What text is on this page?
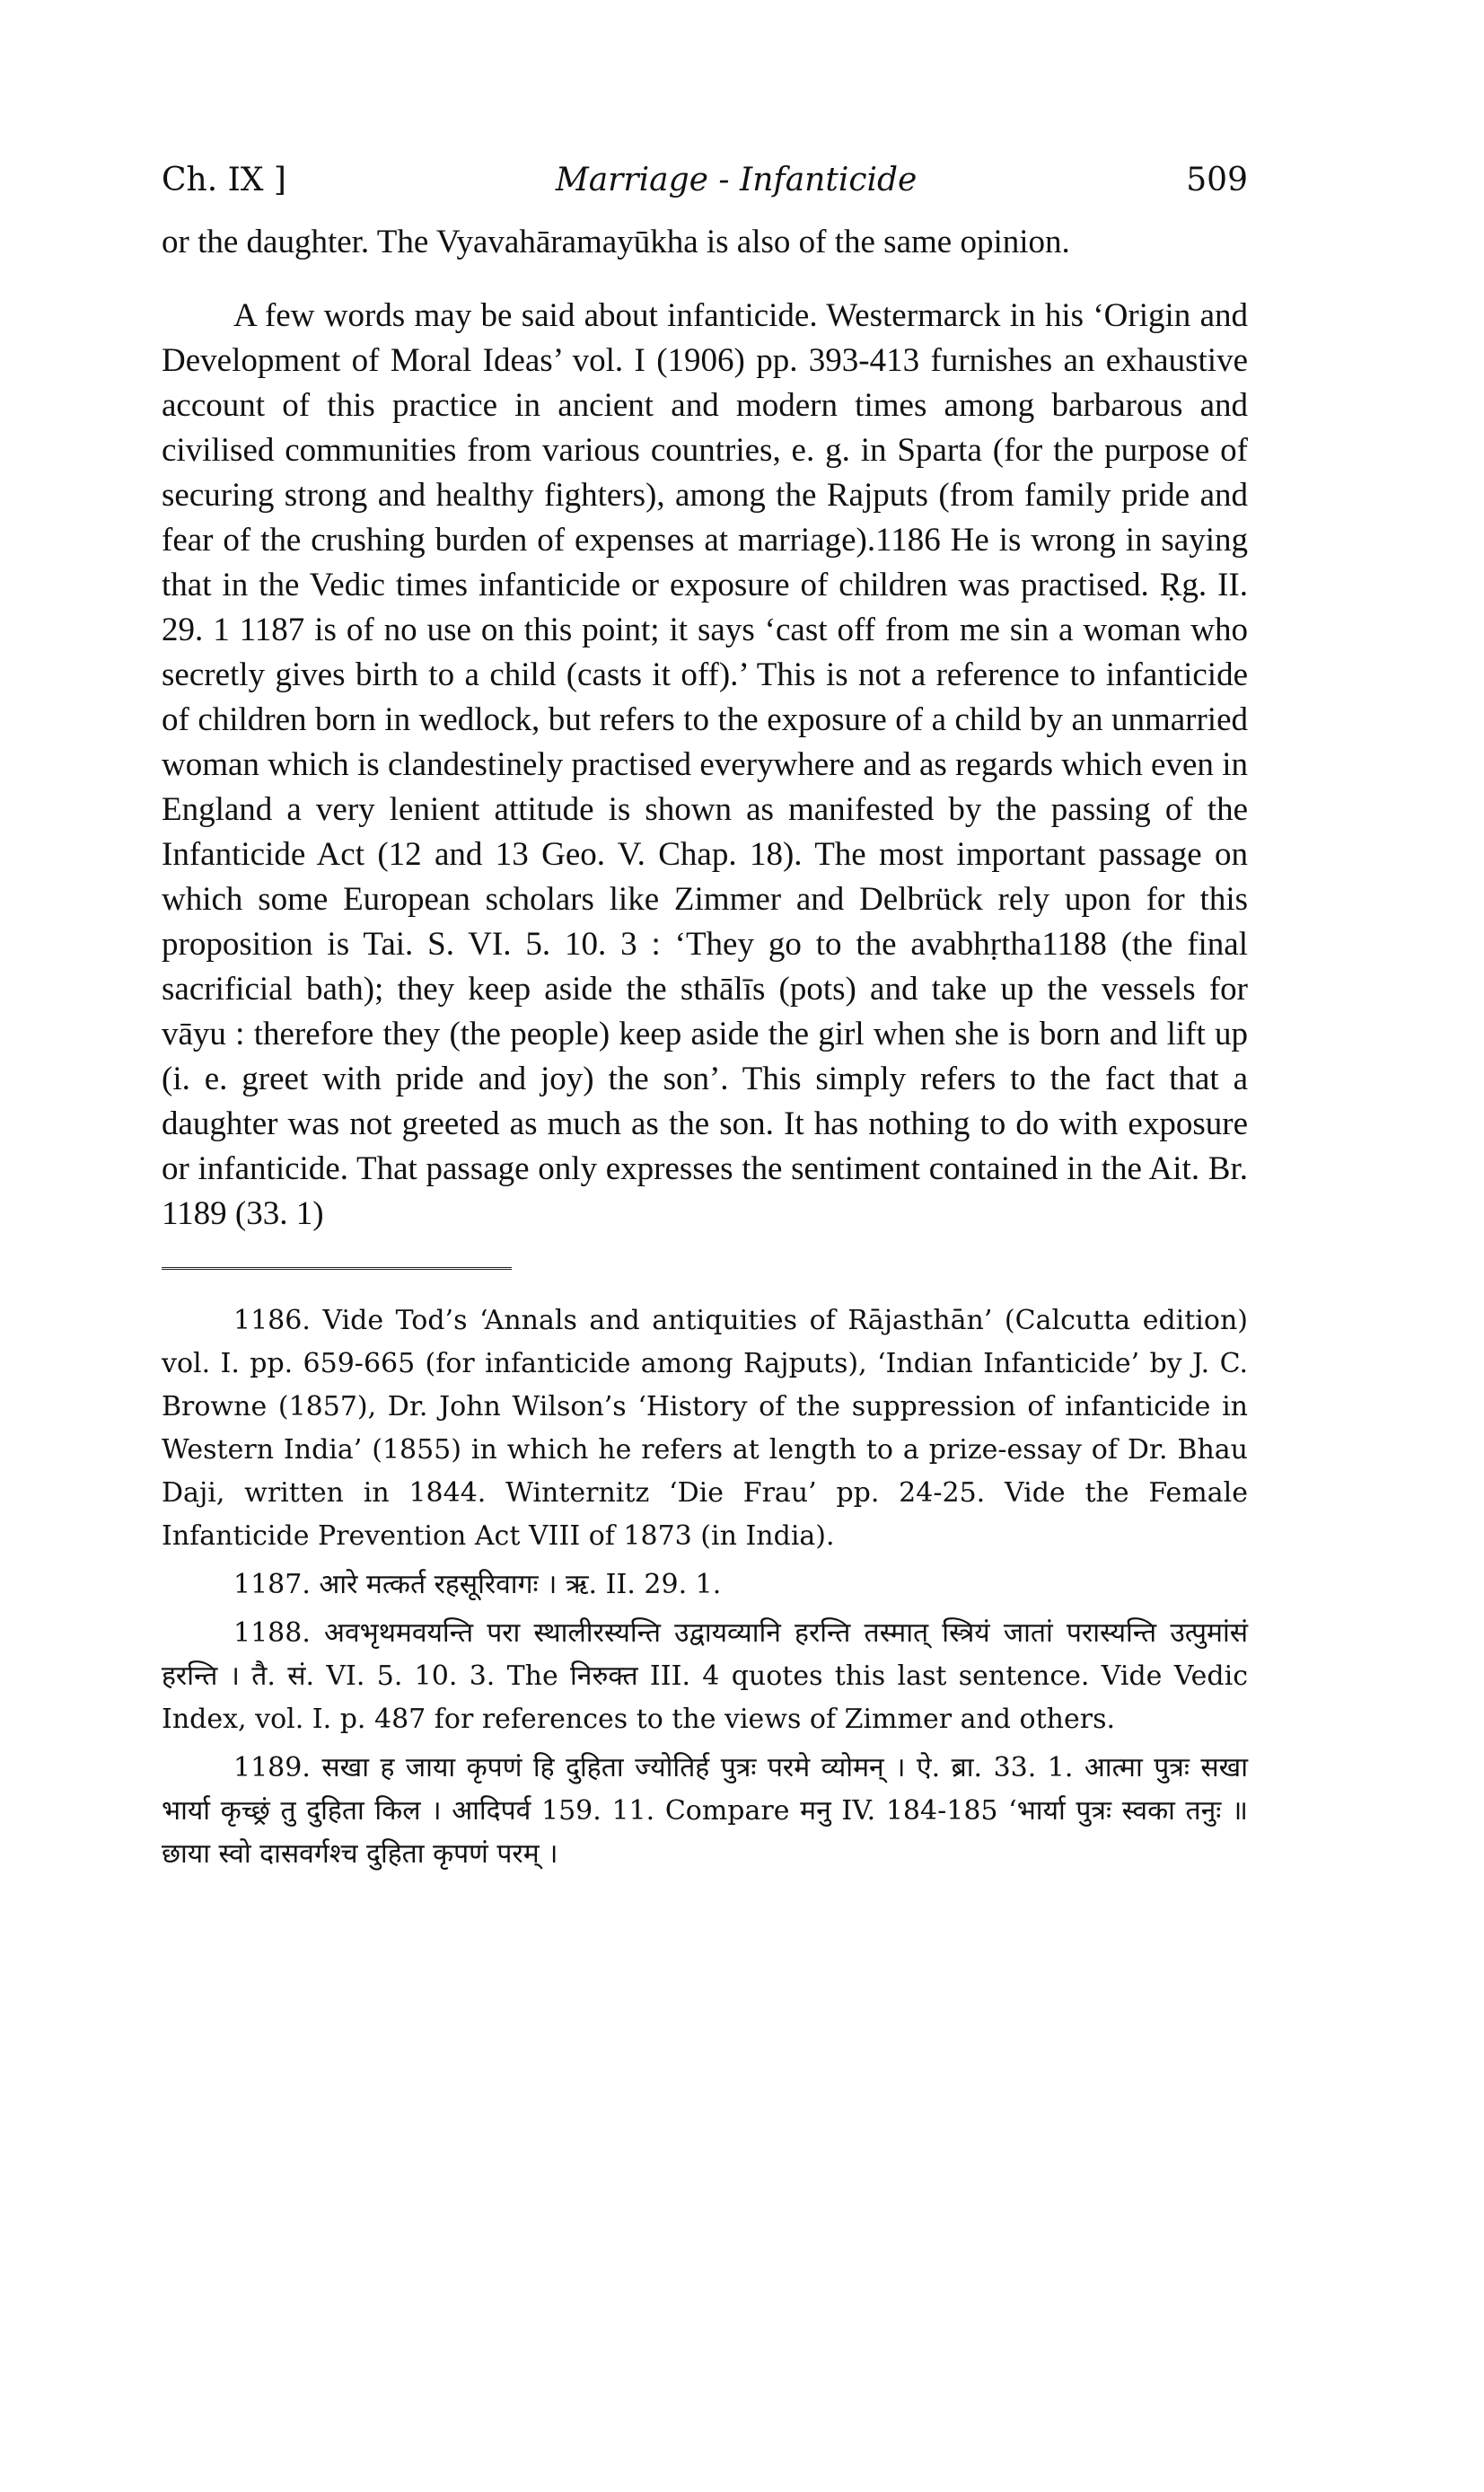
Ch. IX ]	Marriage - Infanticide	509

or the daughter. The Vyavahāramayūkha is also of the same opinion.

A few words may be said about infanticide. Westermarck in his ‘Origin and Development of Moral Ideas’ vol. I (1906) pp. 393-413 furnishes an exhaustive account of this practice in ancient and modern times among barbarous and civilised communities from various countries, e. g. in Sparta (for the purpose of securing strong and healthy fighters), among the Rajputs (from family pride and fear of the crushing burden of expenses at marriage).1186 He is wrong in saying that in the Vedic times infanticide or exposure of children was practised. Ṛg. II. 29. 1 1187 is of no use on this point; it says ‘cast off from me sin a woman who secretly gives birth to a child (casts it off).’ This is not a reference to infanticide of children born in wedlock, but refers to the exposure of a child by an unmarried woman which is clandestinely practised everywhere and as regards which even in England a very lenient attitude is shown as manifested by the passing of the Infanticide Act (12 and 13 Geo. V. Chap. 18). The most important passage on which some European scholars like Zimmer and Delbrück rely upon for this proposition is Tai. S. VI. 5. 10. 3 : ‘They go to the avabhṛtha1188 (the final sacrificial bath); they keep aside the sthālīs (pots) and take up the vessels for vāyu : therefore they (the people) keep aside the girl when she is born and lift up (i. e. greet with pride and joy) the son’. This simply refers to the fact that a daughter was not greeted as much as the son. It has nothing to do with exposure or infanticide. That passage only expresses the sentiment contained in the Ait. Br. 1189 (33. 1)

1186. Vide Tod’s ‘Annals and antiquities of Rājasthān’ (Calcutta edition) vol. I. pp. 659-665 (for infanticide among Rajputs), ‘Indian Infanticide’ by J. C. Browne (1857), Dr. John Wilson’s ‘History of the suppression of infanticide in Western India’ (1855) in which he refers at length to a prize-essay of Dr. Bhau Daji, written in 1844. Winternitz ‘Die Frau’ pp. 24-25. Vide the Female Infanticide Prevention Act VIII of 1873 (in India).

1187. आरे मत्कर्त रहसूरिवागः । ऋ. II. 29. 1.

1188. अवभृथमवयन्ति परा स्थालीरस्यन्ति उद्वायव्यानि हरन्ति तस्मात् स्त्रियं जातां परास्यन्ति उत्पुमांसं हरन्ति । तै. सं. VI. 5. 10. 3. The निरुक्त III. 4 quotes this last sentence. Vide Vedic Index, vol. I. p. 487 for references to the views of Zimmer and others.

1189. सखा ह जाया कृपणं हि दुहिता ज्योतिर्ह पुत्रः परमे व्योमन् । ऐ. ब्रा. 33. 1. आत्मा पुत्रः सखा भार्या कृच्छ्रं तु दुहिता किल । आदिपर्व 159. 11. Compare मनु IV. 184-185 ‘भार्या पुत्रः स्वका तनुः ॥ छाया स्वो दासवर्गश्च दुहिता कृपणं परम् ।
